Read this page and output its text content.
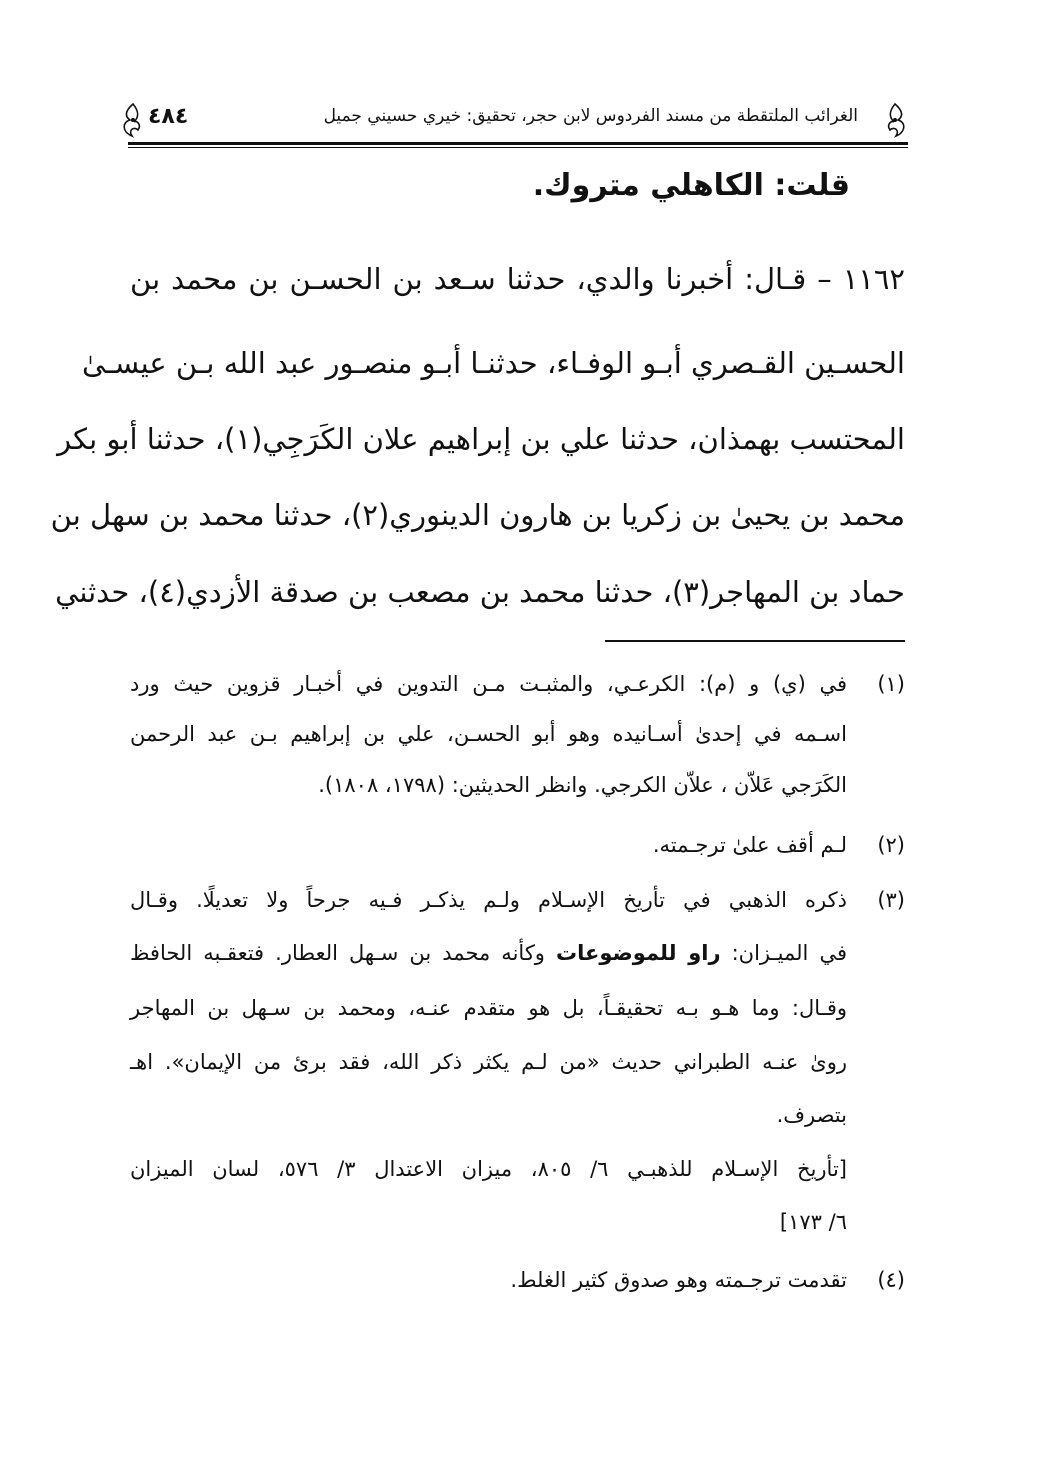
الغرائب الملتقطة من مسند الفردوس لابن حجر، تحقيق: خيري حسيني جميل
٤٨٤
قلت: الكاهلي متروك.
١١٦٢ – قـال: أخبرنا والدي، حدثنا سـعد بن الحسـن بن محمد بن
الحسـين القـصري أبـو الوفـاء، حدثنـا أبـو منصـور عبد الله بـن عيسـىٰ
المحتسب بهمذان، حدثنا علي بن إبراهيم علان الكَرَجِي(١)، حدثنا أبو بكر
محمد بن يحيىٰ بن زكريا بن هارون الدينوري(٢)، حدثنا محمد بن سهل بن
حماد بن المهاجر(٣)، حدثنا محمد بن مصعب بن صدقة الأزدي(٤)، حدثني
(١)
في (ي) و (م): الكرعـي، والمثبـت مـن التدوين في أخبـار قزوين حيث ورد
اسـمه في إحدىٰ أسـانيده وهو أبو الحسـن، علي بن إبراهيم بـن عبد الرحمن
الكَرَجي عَلاّن ، علاّن الكرجي. وانظر الحديثين: (١٧٩٨، ١٨٠٨).
(٢)
لـم أقف علىٰ ترجـمته.
(٣)
ذكره الذهبي في تأريخ الإسـلام ولـم يذكـر فـيه جرحاً ولا تعديلًا. وقـال
في الميـزان: راو للموضوعات وكأنه محمد بن سـهل العطار. فتعقـبه الحافظ
وقـال: وما هـو بـه تحقيقـاً، بل هو متقدم عنـه، ومحمد بن سـهل بن المهاجر
روىٰ عنـه الطبراني حديث «من لـم يكثر ذكر الله، فقد برئ من الإيمان». اهـ
بتصرف.
[تأريخ الإسـلام للذهبـي ٦/ ٨٠٥، ميزان الاعتدال ٣/ ٥٧٦، لسان الميزان
٦/ ١٧٣]
(٤)
تقدمت ترجـمته وهو صدوق كثير الغلط.
